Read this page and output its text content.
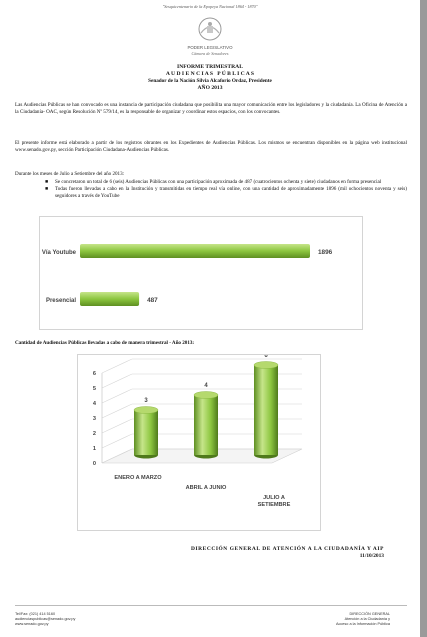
"Sesquicentenario de la Epopeya Nacional 1864 - 1870"
PODER LEGISLATIVO
Cámara de Senadores
INFORME TRIMESTRAL
A U D I E N C I A S   P Ú B L I C A S
Senador de la Nación Silvia Alcaforio Ordaz, Presidente
AÑO 2013
Las Audiencias Públicas se han convocado es una instancia de participación ciudadana que posibilita una mayor comunicación entre los legisladores y la ciudadanía. La Oficina de Atención a la Ciudadanía- OAC, según Resolución Nº 579/14, es la responsable de organizar y coordinar estos espacios, con los convocantes.
El presente informe está elaborado a partir de los registros obrantes en los Expedientes de Audiencias Públicas. Los mismos se encuentran disponibles en la página web institucional www.senado.gov.py, sección Participación Ciudadana-Audiencias Públicas.
Durante los meses de Julio a Setiembre del año 2013:
■	Se concretaron un total de 6 (seis) Audiencias Públicas con una participación aproximada de 487 (cuatrocientos ochenta y siete) ciudadanos en forma presencial
■	Todas fueron llevadas a cabo en la Institución y transmitidas en tiempo real vía online, con una cantidad de aproximadamente 1896 (mil ochocientos noventa y seis) seguidores a través de YouTube
Vía Youtube	1896
Presencial	487
Cantidad de Audiencias Públicas llevadas a cabo de manera trimestral - Año 2013:
0
1
2
3
4
5
6
3
4
6
ENERO A MARZO
ABRIL A JUNIO
JULIO A
SETIEMBRE
DIRECCIÓN GENERAL DE ATENCIÓN A LA CIUDADANÍA Y AIP
11/10/2013
Tel/Fax: (021) 414 5160
audienciaspublicas@senado.gov.py
www.senado.gov.py
DIRECCIÓN GENERAL
Atención a la Ciudadanía y
Acceso a la Información Pública
